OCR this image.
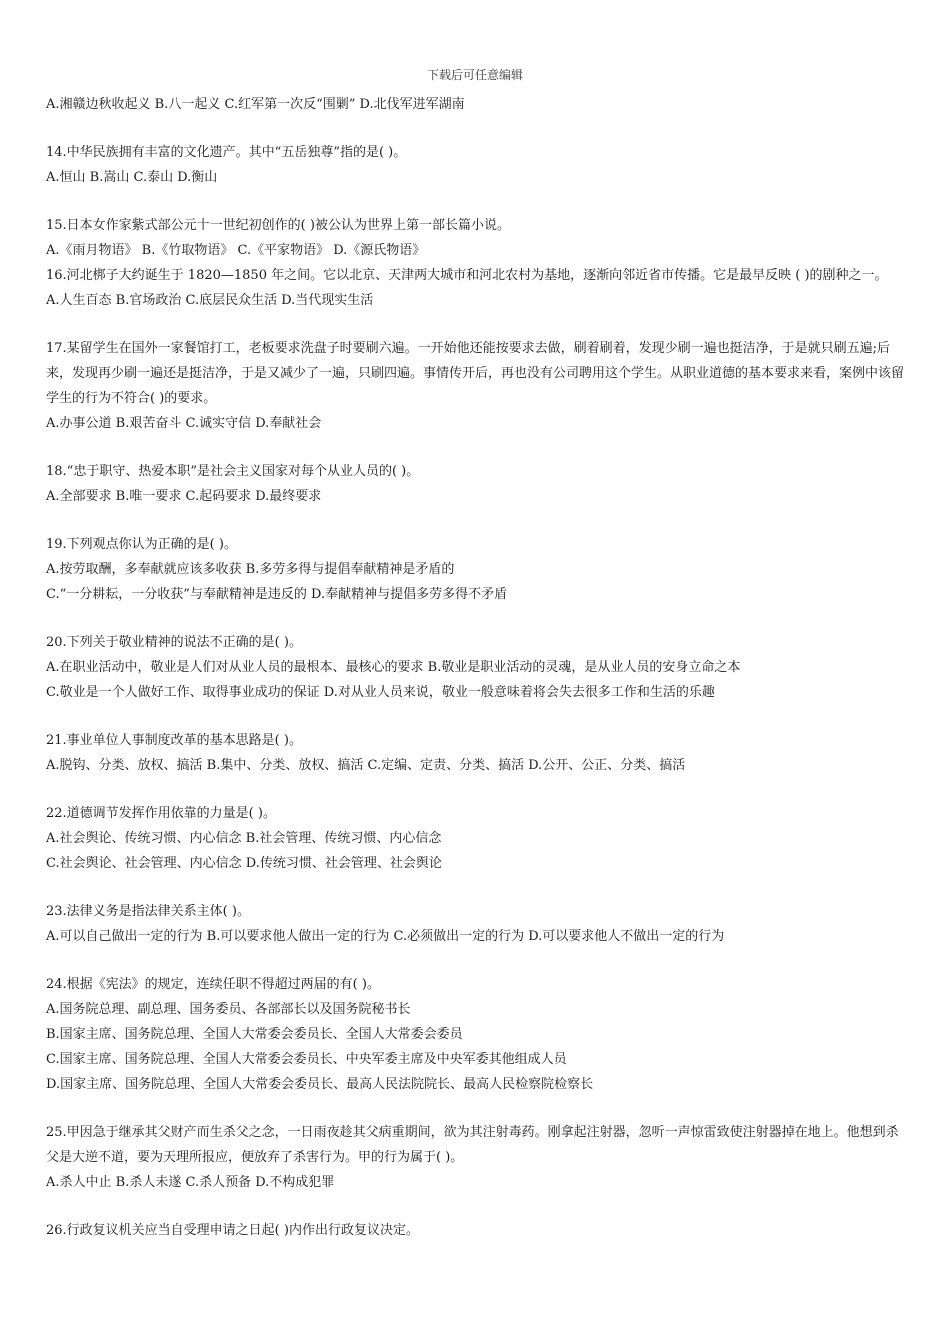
下载后可任意编辑
A.湘赣边秋收起义 B.八一起义 C.红军第一次反“围剿” D.北伐军进军湖南
14.中华民族拥有丰富的文化遗产。其中“五岳独尊”指的是( )。
A.恒山 B.嵩山 C.泰山 D.衡山
15.日本女作家紫式部公元十一世纪初创作的( )被公认为世界上第一部长篇小说。
A.《雨月物语》 B.《竹取物语》 C.《平家物语》 D.《源氏物语》
16.河北梆子大约诞生于 1820—1850 年之间。它以北京、天津两大城市和河北农村为基地，逐渐向邻近省市传播。它是最早反映 ( )的剧种之一。
A.人生百态 B.官场政治 C.底层民众生活 D.当代现实生活
17.某留学生在国外一家餐馆打工，老板要求洗盘子时要刷六遍。一开始他还能按要求去做，刷着刷着，发现少刷一遍也挺洁净，于是就只刷五遍;后来，发现再少刷一遍还是挺洁净，于是又减少了一遍，只刷四遍。事情传开后，再也没有公司聘用这个学生。从职业道德的基本要求来看，案例中该留学生的行为不符合( )的要求。
A.办事公道 B.艰苦奋斗 C.诚实守信 D.奉献社会
18.“忠于职守、热爱本职”是社会主义国家对每个从业人员的( )。
A.全部要求 B.唯一要求 C.起码要求 D.最终要求
19.下列观点你认为正确的是( )。
A.按劳取酬，多奉献就应该多收获 B.多劳多得与提倡奉献精神是矛盾的
C.“一分耕耘，一分收获”与奉献精神是违反的 D.奉献精神与提倡多劳多得不矛盾
20.下列关于敬业精神的说法不正确的是( )。
A.在职业活动中，敬业是人们对从业人员的最根本、最核心的要求 B.敬业是职业活动的灵魂，是从业人员的安身立命之本
C.敬业是一个人做好工作、取得事业成功的保证 D.对从业人员来说，敬业一般意味着将会失去很多工作和生活的乐趣
21.事业单位人事制度改革的基本思路是( )。
A.脱钩、分类、放权、搞活 B.集中、分类、放权、搞活 C.定编、定责、分类、搞活 D.公开、公正、分类、搞活
22.道德调节发挥作用依靠的力量是( )。
A.社会舆论、传统习惯、内心信念 B.社会管理、传统习惯、内心信念
C.社会舆论、社会管理、内心信念 D.传统习惯、社会管理、社会舆论
23.法律义务是指法律关系主体( )。
A.可以自己做出一定的行为 B.可以要求他人做出一定的行为 C.必须做出一定的行为 D.可以要求他人不做出一定的行为
24.根据《宪法》的规定，连续任职不得超过两届的有( )。
A.国务院总理、副总理、国务委员、各部部长以及国务院秘书长
B.国家主席、国务院总理、全国人大常委会委员长、全国人大常委会委员
C.国家主席、国务院总理、全国人大常委会委员长、中央军委主席及中央军委其他组成人员
D.国家主席、国务院总理、全国人大常委会委员长、最高人民法院院长、最高人民检察院检察长
25.甲因急于继承其父财产而生杀父之念，一日雨夜趁其父病重期间，欲为其注射毒药。刚拿起注射器，忽听一声惊雷致使注射器掉在地上。他想到杀父是大逆不道，要为天理所报应，便放弃了杀害行为。甲的行为属于( )。
A.杀人中止 B.杀人未遂 C.杀人预备 D.不构成犯罪
26.行政复议机关应当自受理申请之日起( )内作出行政复议决定。
